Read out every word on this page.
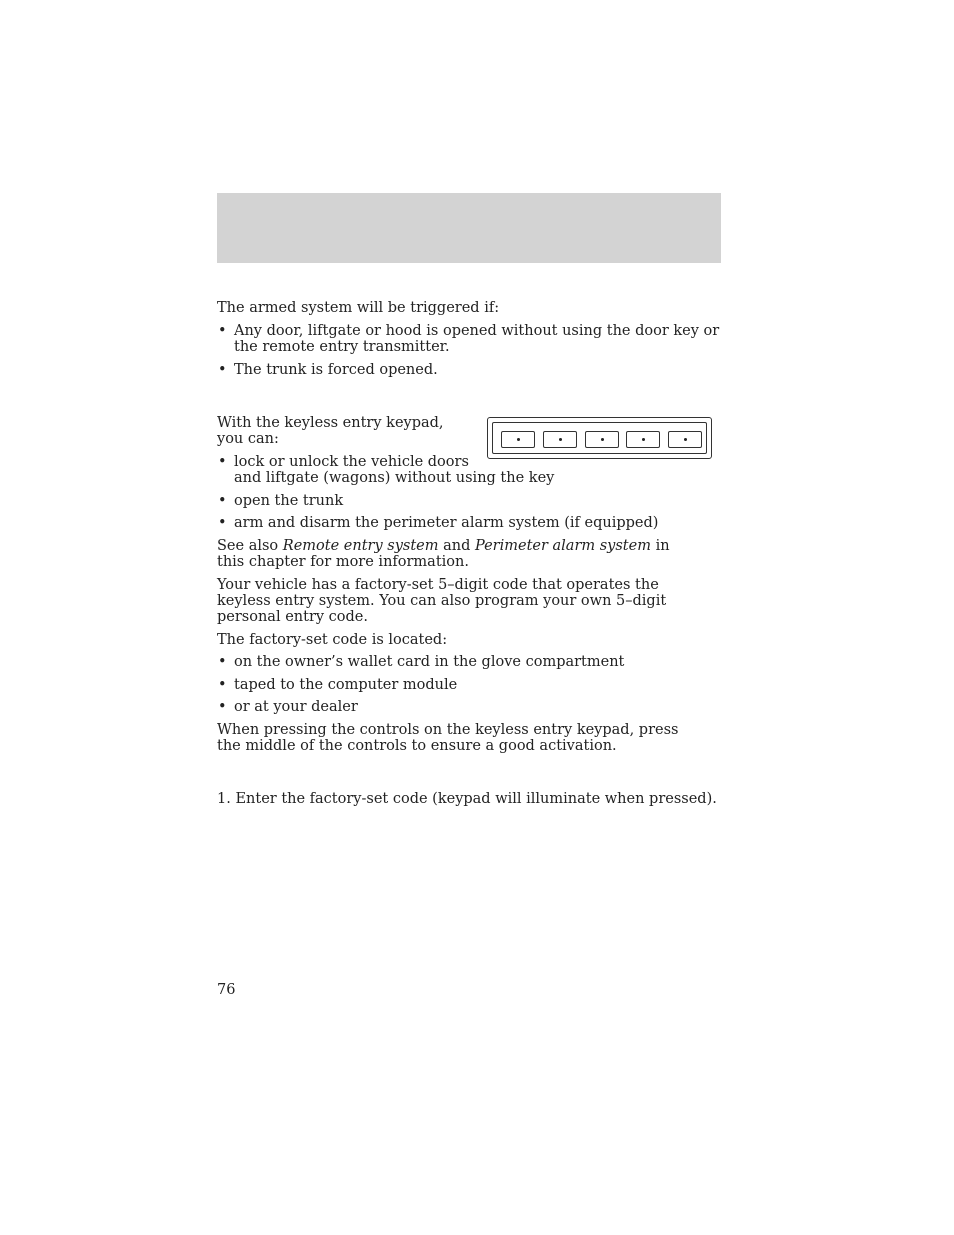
The armed system will be triggered if:

• Any door, liftgate or hood is opened without using the door key or the remote entry transmitter.
• The trunk is forced opened.

With the keyless entry keypad, you can:

• lock or unlock the vehicle doors
and liftgate (wagons) without using the key
• open the trunk
• arm and disarm the perimeter alarm system (if equipped)

See also Remote entry system and Perimeter alarm system in this chapter for more information.

Your vehicle has a factory-set 5–digit code that operates the keyless entry system. You can also program your own 5–digit personal entry code.

The factory-set code is located:

• on the owner’s wallet card in the glove compartment
• taped to the computer module
• or at your dealer

When pressing the controls on the keyless entry keypad, press the middle of the controls to ensure a good activation.

1. Enter the factory-set code (keypad will illuminate when pressed).

76
